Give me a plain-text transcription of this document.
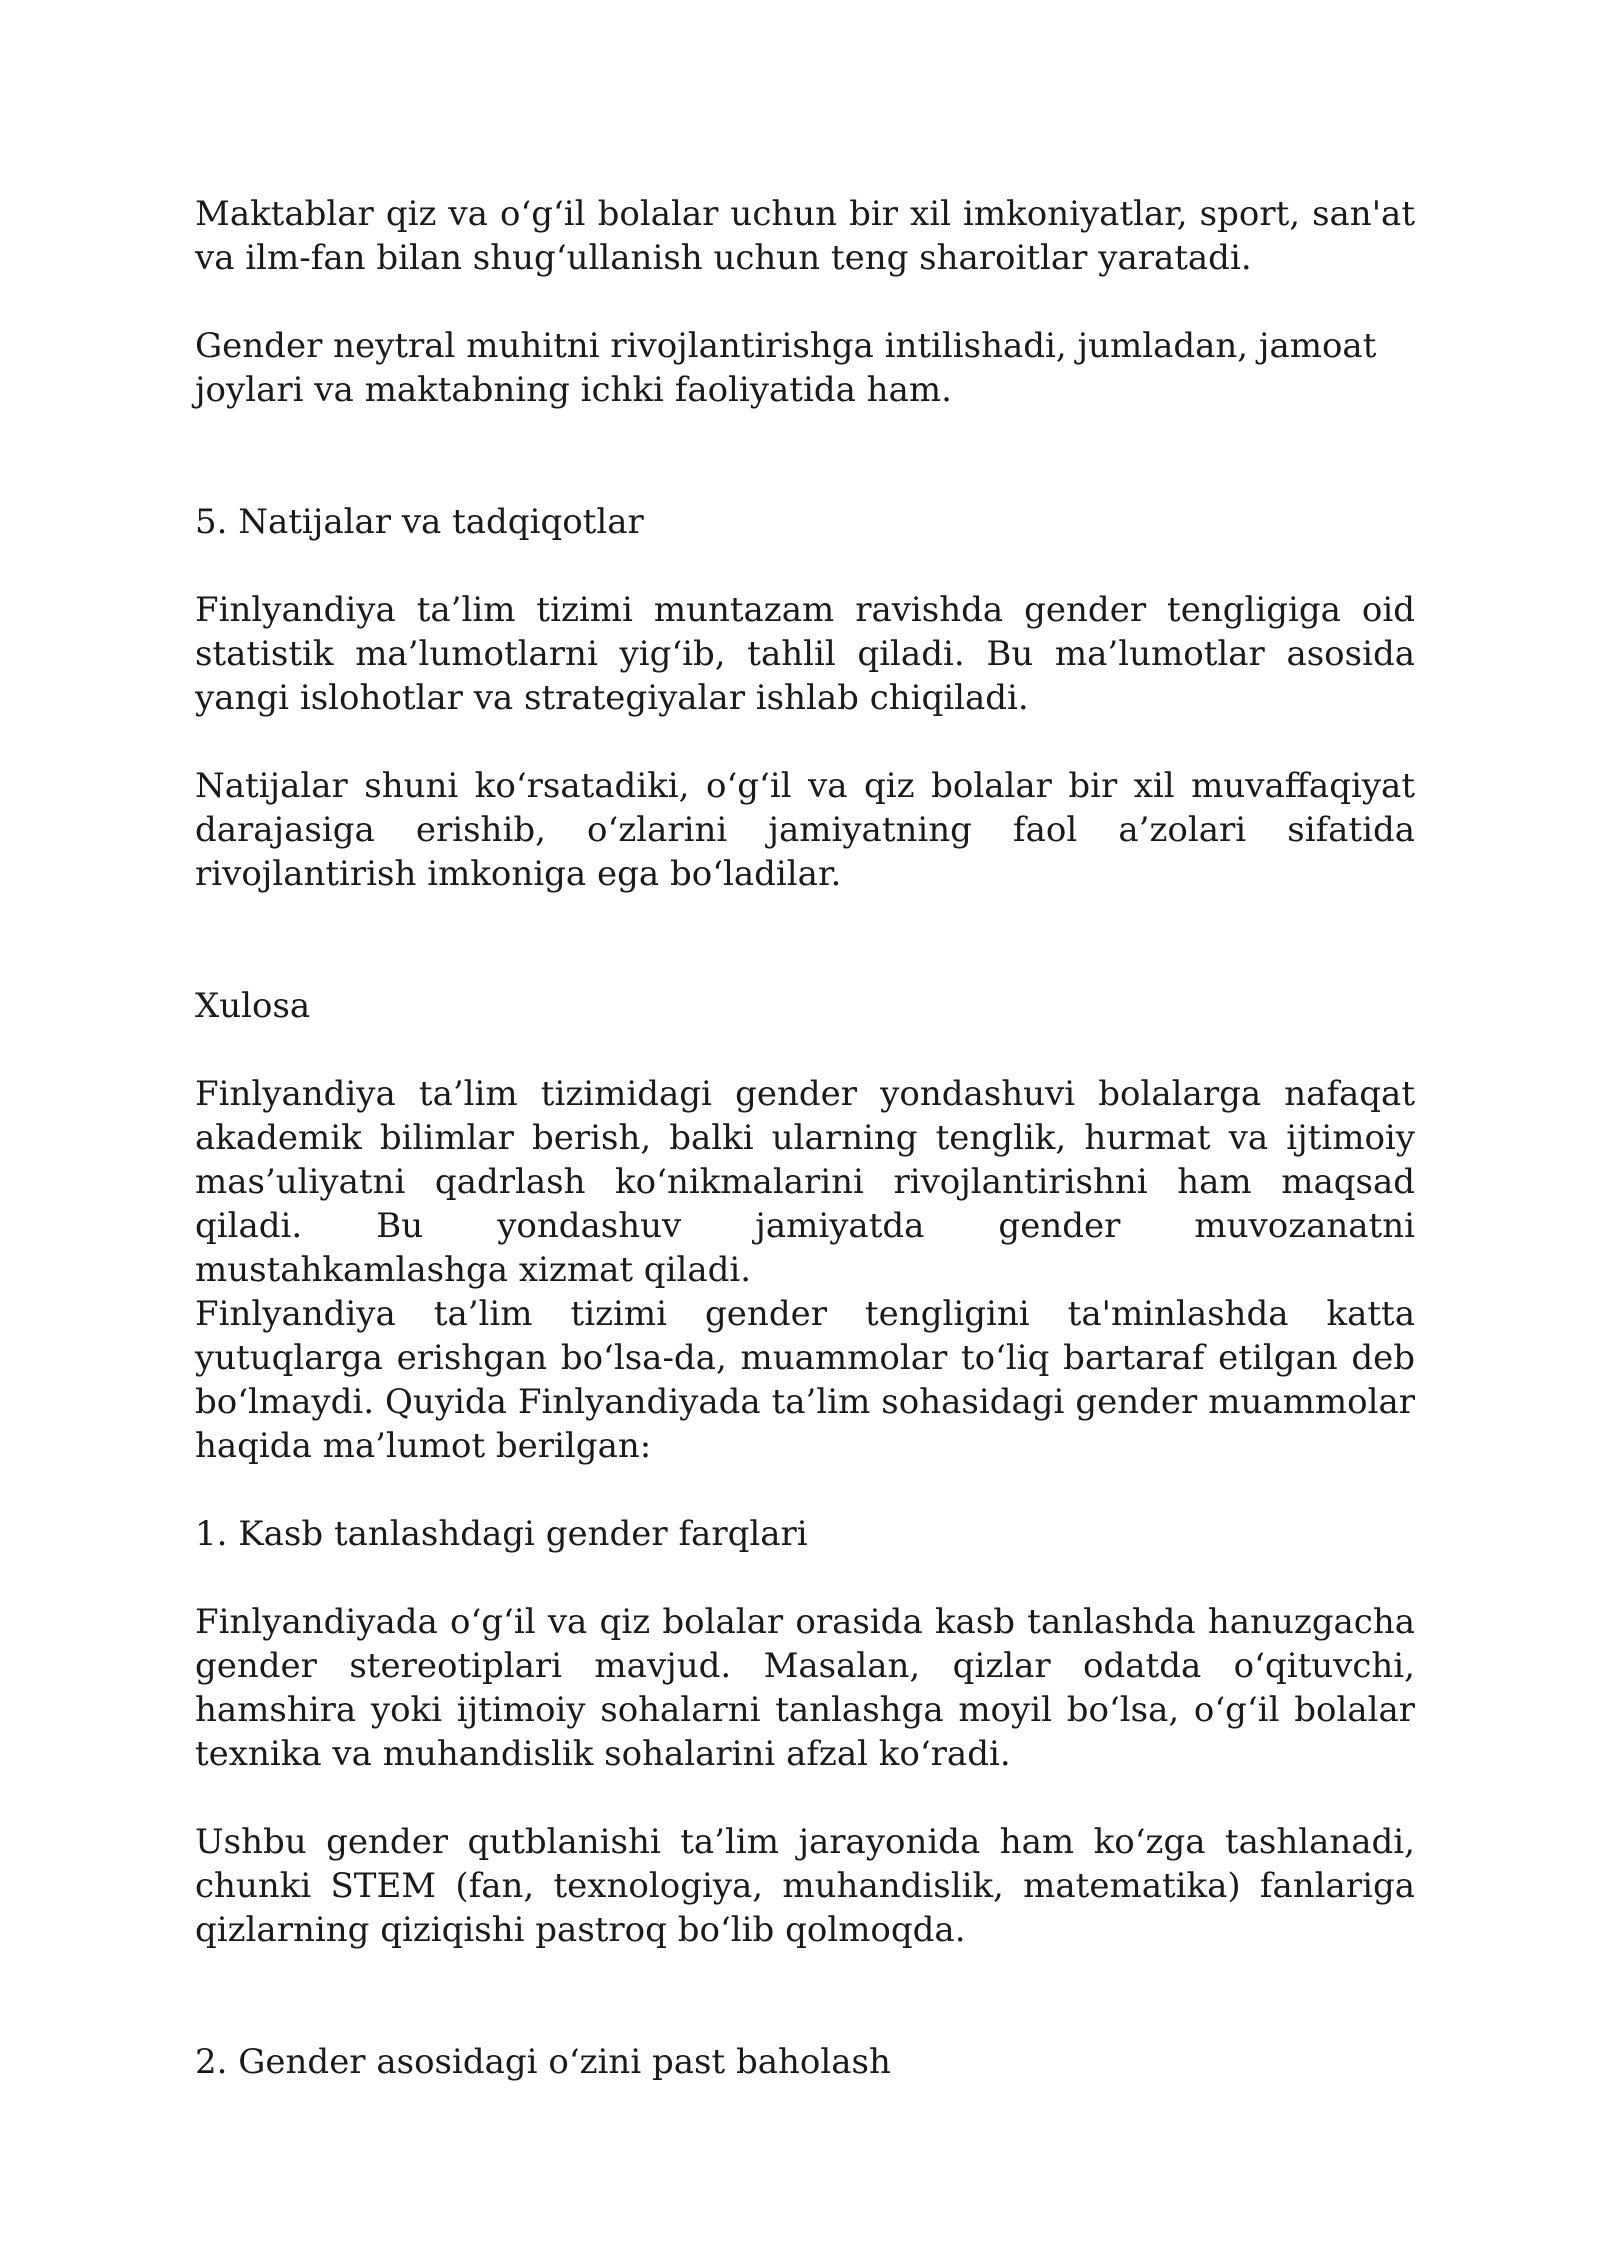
Maktablar qiz va o‘g‘il bolalar uchun bir xil imkoniyatlar, sport, san'at va ilm-fan bilan shug‘ullanish uchun teng sharoitlar yaratadi.

Gender neytral muhitni rivojlantirishga intilishadi, jumladan, jamoat joylari va maktabning ichki faoliyatida ham.

5. Natijalar va tadqiqotlar

Finlyandiya ta’lim tizimi muntazam ravishda gender tengligiga oid statistik ma’lumotlarni yig‘ib, tahlil qiladi. Bu ma’lumotlar asosida yangi islohotlar va strategiyalar ishlab chiqiladi.

Natijalar shuni ko‘rsatadiki, o‘g‘il va qiz bolalar bir xil muvaffaqiyat darajasiga erishib, o‘zlarini jamiyatning faol a’zolari sifatida rivojlantirish imkoniga ega bo‘ladilar.

Xulosa

Finlyandiya ta’lim tizimidagi gender yondashuvi bolalarga nafaqat akademik bilimlar berish, balki ularning tenglik, hurmat va ijtimoiy mas’uliyatni qadrlash ko‘nikmalarini rivojlantirishni ham maqsad qiladi. Bu yondashuv jamiyatda gender muvozanatni mustahkamlashga xizmat qiladi.

Finlyandiya ta’lim tizimi gender tengligini ta'minlashda katta yutuqlarga erishgan bo‘lsa-da, muammolar to‘liq bartaraf etilgan deb bo‘lmaydi. Quyida Finlyandiyada ta’lim sohasidagi gender muammolar haqida ma’lumot berilgan:

1. Kasb tanlashdagi gender farqlari

Finlyandiyada o‘g‘il va qiz bolalar orasida kasb tanlashda hanuzgacha gender stereotiplari mavjud. Masalan, qizlar odatda o‘qituvchi, hamshira yoki ijtimoiy sohalarni tanlashga moyil bo‘lsa, o‘g‘il bolalar texnika va muhandislik sohalarini afzal ko‘radi.

Ushbu gender qutblanishi ta’lim jarayonida ham ko‘zga tashlanadi, chunki STEM (fan, texnologiya, muhandislik, matematika) fanlariga qizlarning qiziqishi pastroq bo‘lib qolmoqda.

2. Gender asosidagi o‘zini past baholash
